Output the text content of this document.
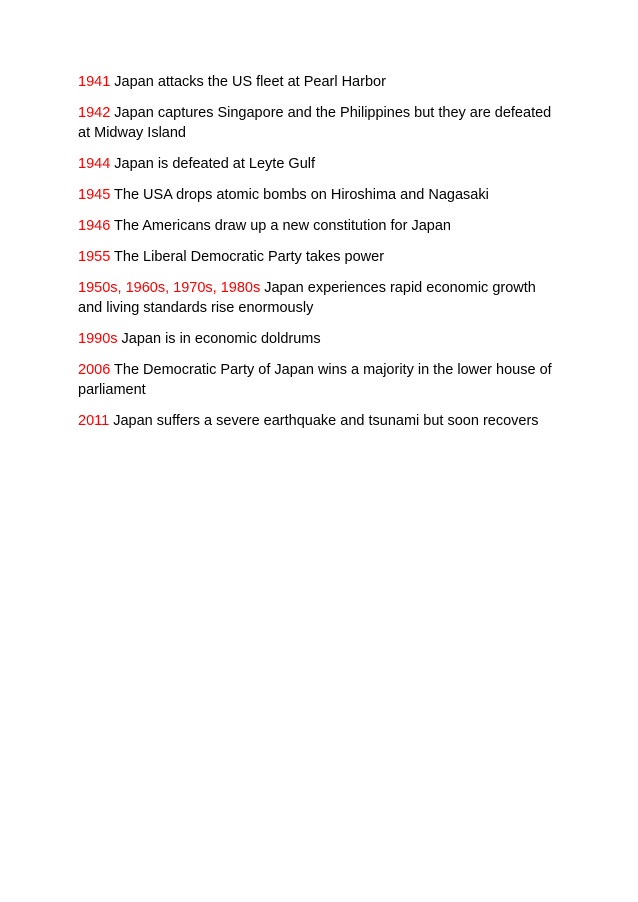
1941 Japan attacks the US fleet at Pearl Harbor
1942 Japan captures Singapore and the Philippines but they are defeated at Midway Island
1944 Japan is defeated at Leyte Gulf
1945 The USA drops atomic bombs on Hiroshima and Nagasaki
1946 The Americans draw up a new constitution for Japan
1955 The Liberal Democratic Party takes power
1950s, 1960s, 1970s, 1980s Japan experiences rapid economic growth and living standards rise enormously
1990s Japan is in economic doldrums
2006 The Democratic Party of Japan wins a majority in the lower house of parliament
2011 Japan suffers a severe earthquake and tsunami but soon recovers
